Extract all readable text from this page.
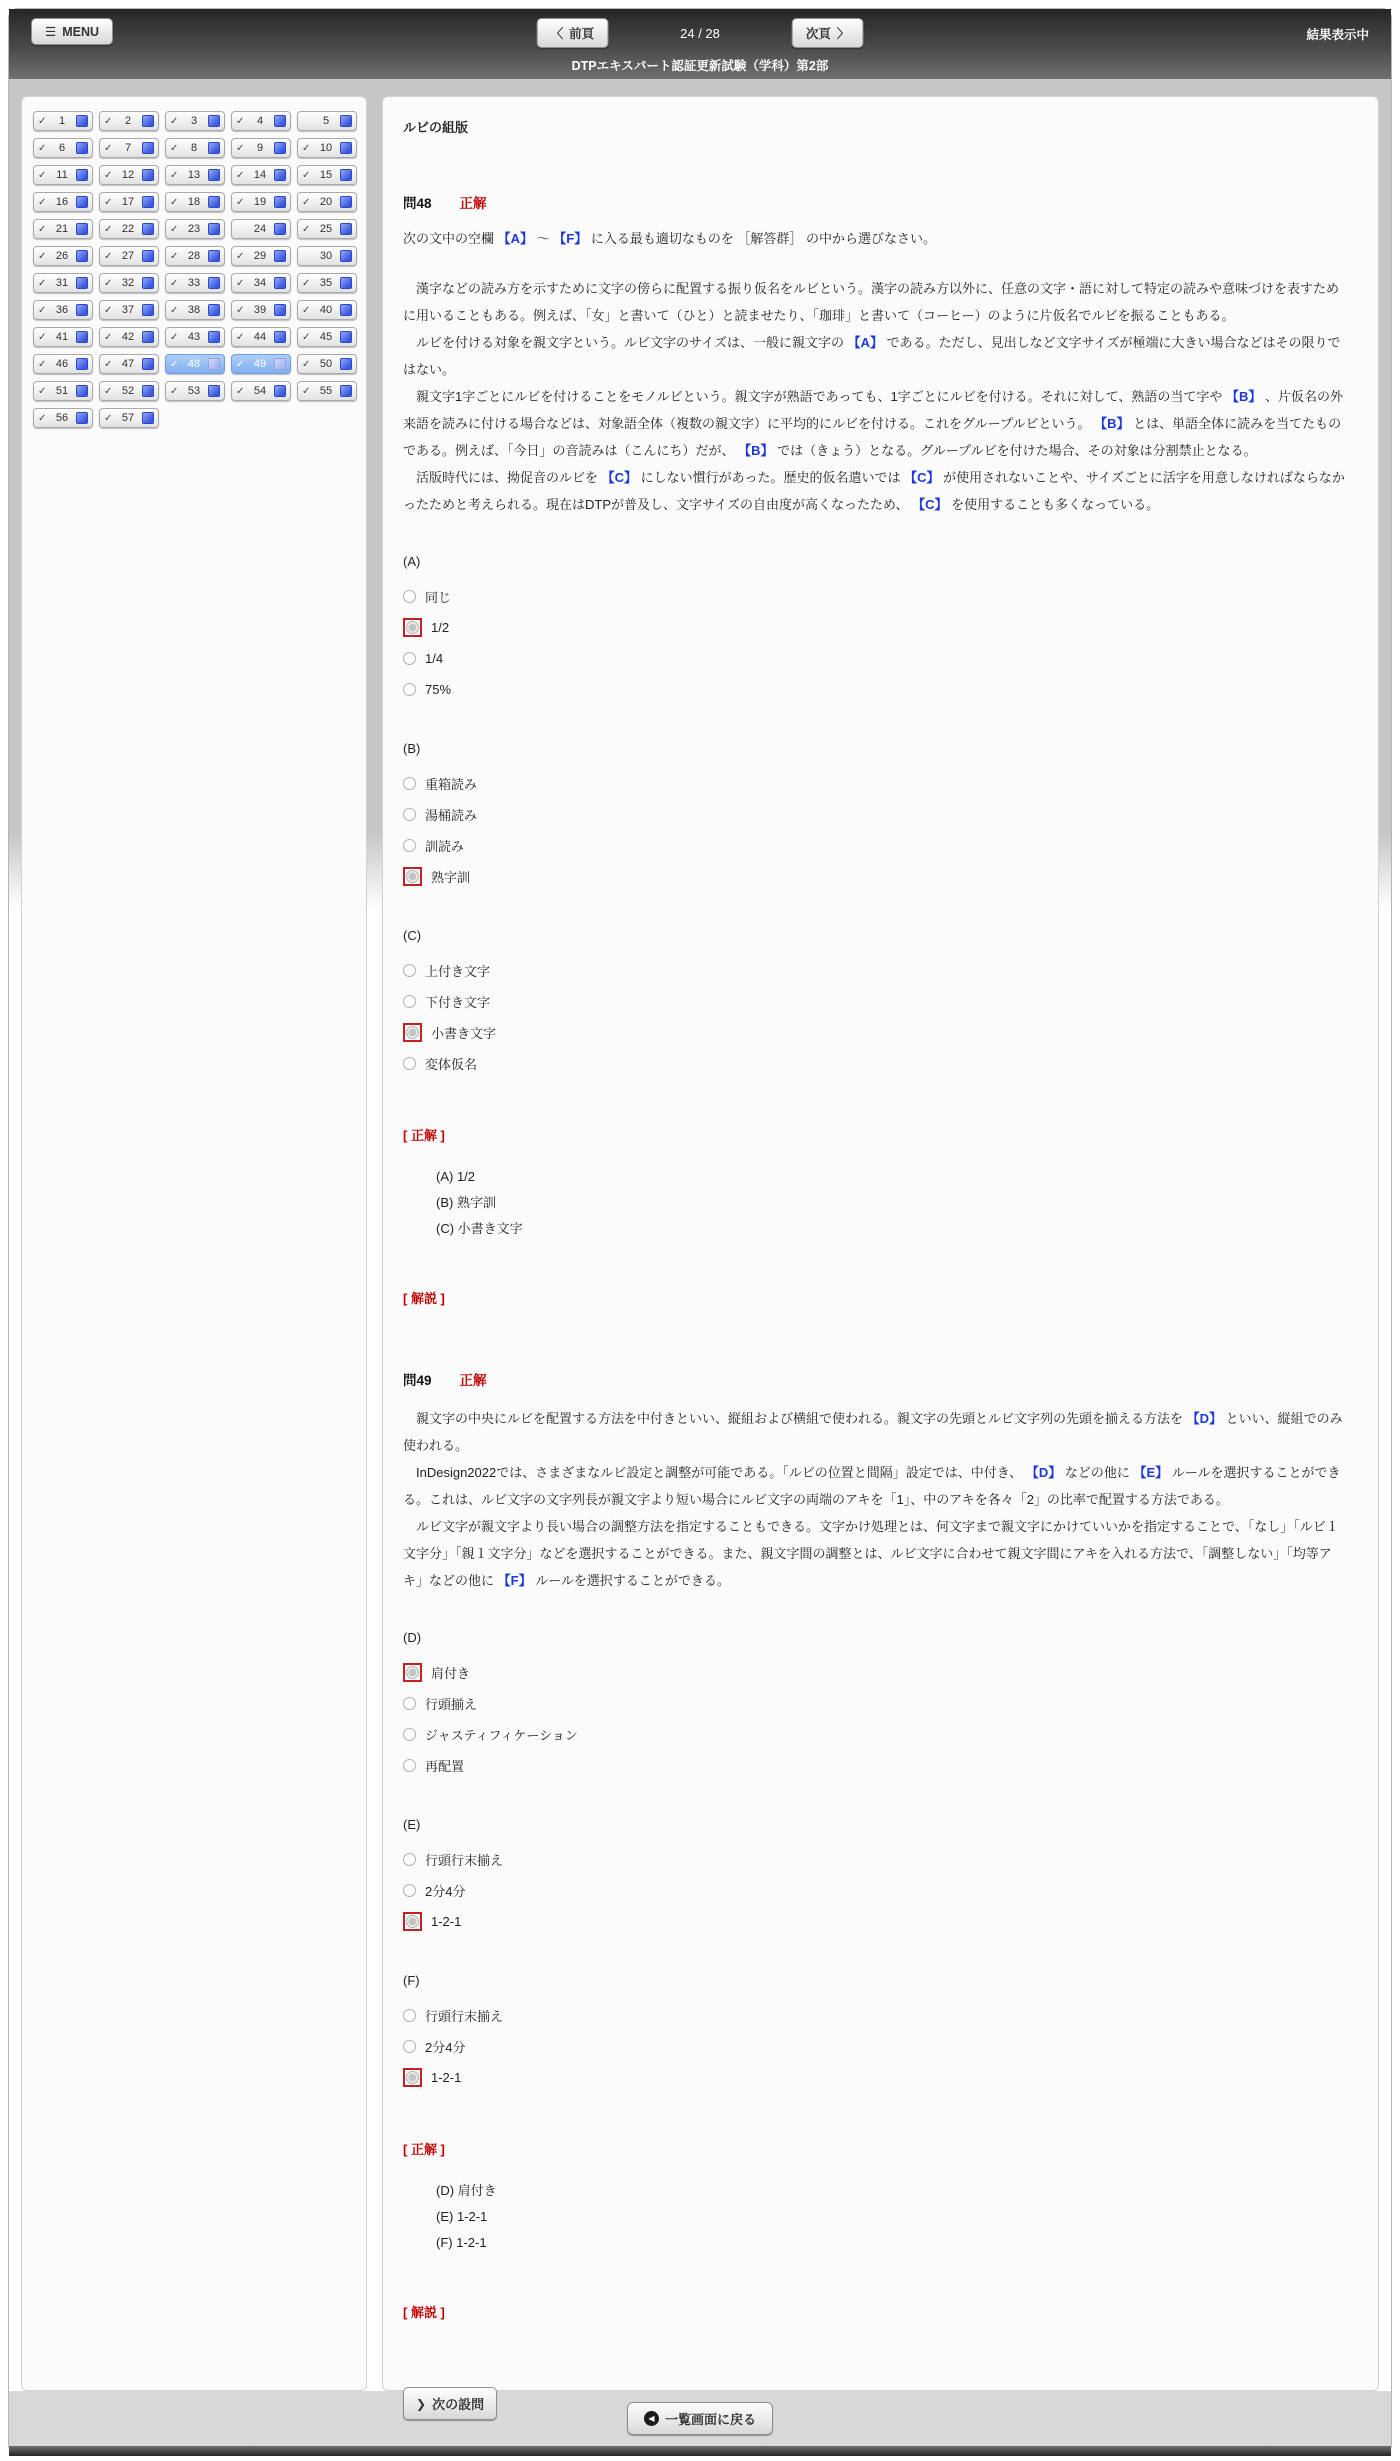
☰ MENU	〈 前頁	24 / 28	次頁 〉	結果表示中
DTPエキスパート認証更新試験（学科）第2部
✓	1	✓	2	✓	3	✓	4	5
✓	6	✓	7	✓	8	✓	9	✓ 10
✓ 11	✓ 12	✓ 13	✓ 14	✓ 15
✓ 16	✓ 17	✓ 18	✓ 19	✓ 20
✓ 21	✓ 22	✓ 23	24	✓ 25
✓ 26	✓ 27	✓ 28	✓ 29	30
✓ 31	✓ 32	✓ 33	✓ 34	✓ 35
✓ 36	✓ 37	✓ 38	✓ 39	✓ 40
✓ 41	✓ 42	✓ 43	✓ 44	✓ 45
✓ 46	✓ 47	✓ 48	✓ 49	✓ 50
✓ 51	✓ 52	✓ 53	✓ 54	✓ 55
✓ 56	✓ 57
ルビの組版
問48 正解
次の文中の空欄 【A】 ～ 【F】 に入る最も適切なものを ［解答群］ の中から選びなさい。

　漢字などの読み方を示すために文字の傍らに配置する振り仮名をルビという。漢字の読み方以外に、任意の文字・語に対して特定の読みや意味づけを表すために用いることもある。例えば、「女」と書いて（ひと）と読ませたり、「珈琲」と書いて（コーヒー）のように片仮名でルビを振ることもある。

　ルビを付ける対象を親文字という。ルビ文字のサイズは、一般に親文字の 【A】 である。ただし、見出しなど文字サイズが極端に大きい場合などはその限りではない。

　親文字1字ごとにルビを付けることをモノルビという。親文字が熟語であっても、1字ごとにルビを付ける。それに対して、熟語の当て字や 【B】 、片仮名の外来語を読みに付ける場合などは、対象語全体（複数の親文字）に平均的にルビを付ける。これをグループルビという。 【B】 とは、単語全体に読みを当てたものである。例えば、「今日」の音読みは（こんにち）だが、 【B】 では（きょう）となる。グループルビを付けた場合、その対象は分割禁止となる。

　活版時代には、拗促音のルビを 【C】 にしない慣行があった。歴史的仮名遣いでは 【C】 が使用されないことや、サイズごとに活字を用意しなければならなかったためと考えられる。現在はDTPが普及し、文字サイズの自由度が高くなったため、 【C】 を使用することも多くなっている。

(A)
同じ
1/2
1/4
75%
(B)
重箱読み
湯桶読み
訓読み
熟字訓
(C)
上付き文字
下付き文字
小書き文字
変体仮名
[ 正解 ]
(A) 1/2
(B) 熟字訓
(C) 小書き文字
[ 解説 ]
問49 正解

　親文字の中央にルビを配置する方法を中付きといい、縦組および横組で使われる。親文字の先頭とルビ文字列の先頭を揃える方法を 【D】 といい、縦組でのみ使われる。

　InDesign2022では、さまざまなルビ設定と調整が可能である。「ルビの位置と間隔」設定では、中付き、 【D】 などの他に 【E】 ルールを選択することができる。これは、ルビ文字の文字列長が親文字より短い場合にルビ文字の両端のアキを「1」、中のアキを各々「2」の比率で配置する方法である。

　ルビ文字が親文字より長い場合の調整方法を指定することもできる。文字かけ処理とは、何文字まで親文字にかけていいかを指定することで、「なし」「ルビ１文字分」「親１文字分」などを選択することができる。また、親文字間の調整とは、ルビ文字に合わせて親文字間にアキを入れる方法で、「調整しない」「均等アキ」などの他に 【F】 ルールを選択することができる。

(D)
肩付き
行頭揃え
ジャスティフィケーション
再配置
(E)
行頭行末揃え
2分4分
1-2-1
(F)
行頭行末揃え
2分4分
1-2-1
[ 正解 ]
(D) 肩付き
(E) 1-2-1
(F) 1-2-1
[ 解説 ]
❯ 次の設問
◀ 一覧画面に戻る
